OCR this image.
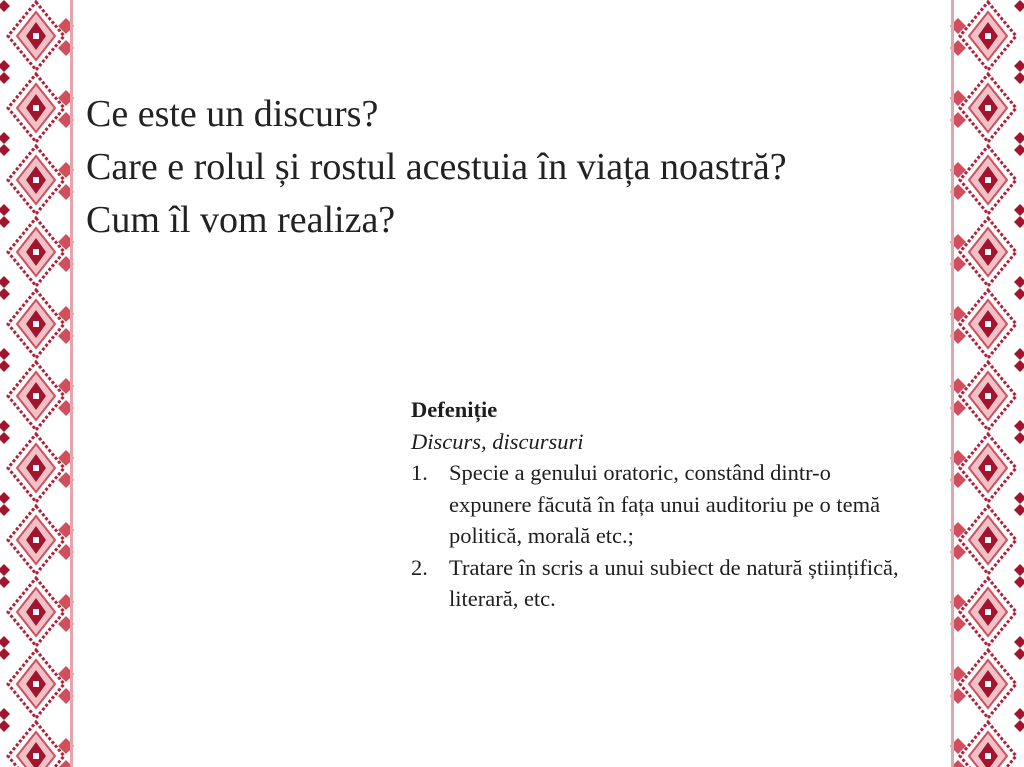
Ce este un discurs?
Care e rolul și rostul acestuia în viața noastră?
Cum îl vom realiza?
Defeniție
Discurs, discursuri
1. Specie a genului oratoric, constând dintr-o expunere făcută în fața unui auditoriu pe o temă politică, morală etc.;
2. Tratare în scris a unui subiect de natură științifică, literară, etc.
